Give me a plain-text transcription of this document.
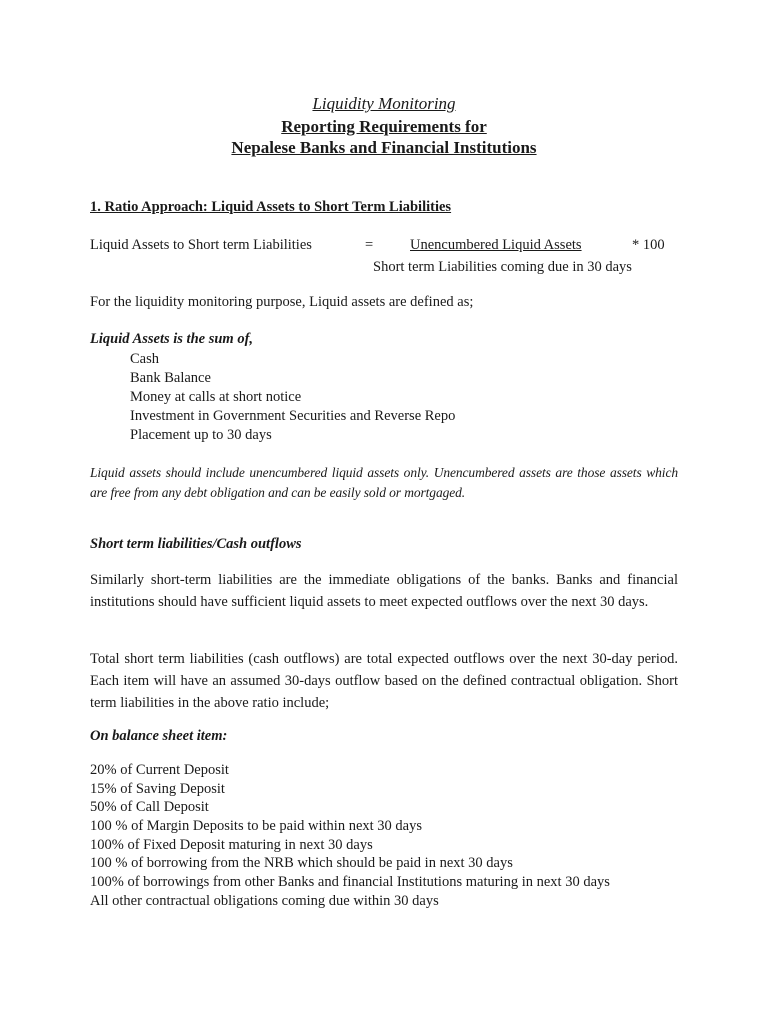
Liquidity Monitoring
Reporting Requirements for
Nepalese Banks and Financial Institutions
1. Ratio Approach: Liquid Assets to Short Term Liabilities
Liquid Assets to Short term Liabilities	=	Unencumbered Liquid Assets	* 100
Short term Liabilities coming due in 30 days
For the liquidity monitoring purpose, Liquid assets are defined as;
Liquid Assets is the sum of,
Cash
Bank Balance
Money at calls at short notice
Investment in Government Securities and Reverse Repo
Placement up to 30 days
Liquid assets should include unencumbered liquid assets only. Unencumbered assets are those assets which are free from any debt obligation and can be easily sold or mortgaged.
Short term liabilities/Cash outflows
Similarly short-term liabilities are the immediate obligations of the banks. Banks and financial institutions should have sufficient liquid assets to meet expected outflows over the next 30 days.
Total short term liabilities (cash outflows) are total expected outflows over the next 30-day period. Each item will have an assumed 30-days outflow based on the defined contractual obligation. Short term liabilities in the above ratio include;
On balance sheet item:
20% of Current Deposit
15% of Saving Deposit
50% of Call Deposit
100 % of Margin Deposits to be paid within next 30 days
100% of Fixed Deposit maturing in next 30 days
100 % of borrowing from the NRB which should be paid in next 30 days
100% of borrowings from other Banks and financial Institutions maturing in next 30 days
All other contractual obligations coming due within 30 days
